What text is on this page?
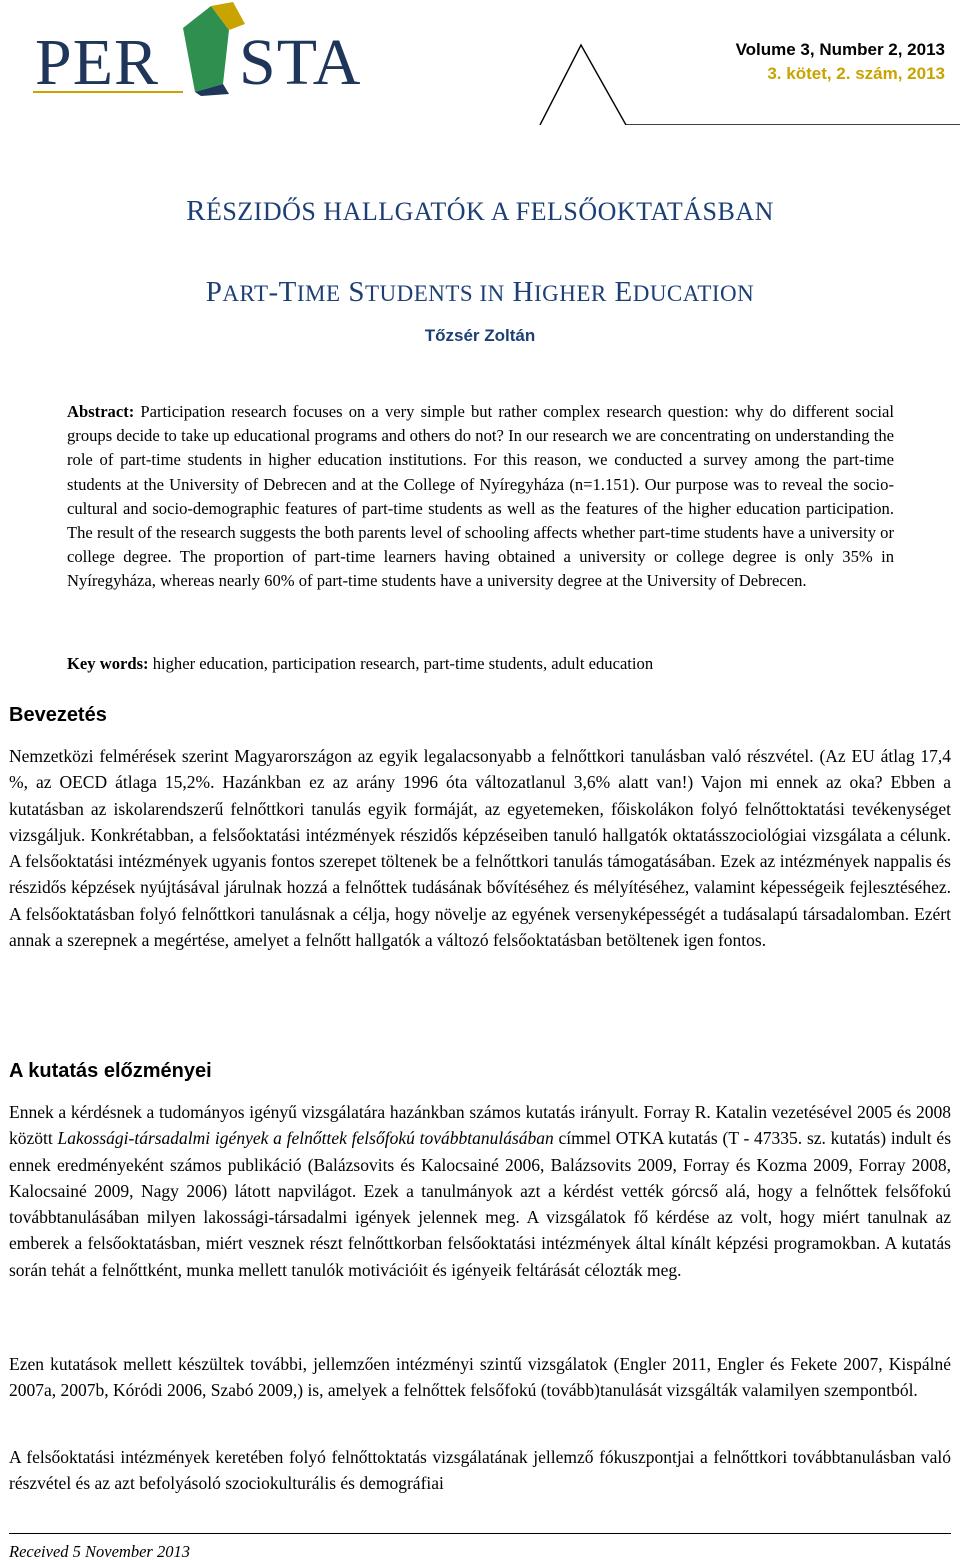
PER STA	Volume 3, Number 2, 2013
3. kötet, 2. szám, 2013
RÉSZIDŐS HALLGATÓK A FELSŐOKTATÁSBAN
PART-TIME STUDENTS IN HIGHER EDUCATION
Tőzsér Zoltán
Abstract: Participation research focuses on a very simple but rather complex research question: why do different social groups decide to take up educational programs and others do not? In our research we are concentrating on understanding the role of part-time students in higher education institutions. For this reason, we conducted a survey among the part-time students at the University of Debrecen and at the College of Nyíregyháza (n=1.151). Our purpose was to reveal the socio-cultural and socio-demographic features of part-time students as well as the features of the higher education participation. The result of the research suggests the both parents level of schooling affects whether part-time students have a university or college degree. The proportion of part-time learners having obtained a university or college degree is only 35% in Nyíregyháza, whereas nearly 60% of part-time students have a university degree at the University of Debrecen.
Key words: higher education, participation research, part-time students, adult education
Bevezetés
Nemzetközi felmérések szerint Magyarországon az egyik legalacsonyabb a felnőttkori tanulásban való részvétel. (Az EU átlag 17,4 %, az OECD átlaga 15,2%. Hazánkban ez az arány 1996 óta változatlanul 3,6% alatt van!) Vajon mi ennek az oka? Ebben a kutatásban az iskolarendszerű felnőttkori tanulás egyik formáját, az egyetemeken, főiskolákon folyó felnőttoktatási tevékenységet vizsgáljuk. Konkrétabban, a felsőoktatási intézmények részidős képzéseiben tanuló hallgatók oktatásszociológiai vizsgálata a célunk. A felsőoktatási intézmények ugyanis fontos szerepet töltenek be a felnőttkori tanulás támogatásában. Ezek az intézmények nappalis és részidős képzések nyújtásával járulnak hozzá a felnőttek tudásának bővítéséhez és mélyítéséhez, valamint képességeik fejlesztéséhez. A felsőoktatásban folyó felnőttkori tanulásnak a célja, hogy növelje az egyének versenyképességét a tudásalapú társadalomban. Ezért annak a szerepnek a megértése, amelyet a felnőtt hallgatók a változó felsőoktatásban betöltenek igen fontos.
A kutatás előzményei
Ennek a kérdésnek a tudományos igényű vizsgálatára hazánkban számos kutatás irányult. Forray R. Katalin vezetésével 2005 és 2008 között Lakossági-társadalmi igények a felnőttek felsőfokú továbbtanulásában címmel OTKA kutatás (T - 47335. sz. kutatás) indult és ennek eredményeként számos publikáció (Balázsovits és Kalocsainé 2006, Balázsovits 2009, Forray és Kozma 2009, Forray 2008, Kalocsainé 2009, Nagy 2006) látott napvilágot. Ezek a tanulmányok azt a kérdést vették górcső alá, hogy a felnőttek felsőfokú továbbtanulásában milyen lakossági-társadalmi igények jelennek meg. A vizsgálatok fő kérdése az volt, hogy miért tanulnak az emberek a felsőoktatásban, miért vesznek részt felnőttkorban felsőoktatási intézmények által kínált képzési programokban. A kutatás során tehát a felnőttként, munka mellett tanulók motivációit és igényeik feltárását célozták meg.
Ezen kutatások mellett készültek további, jellemzően intézményi szintű vizsgálatok (Engler 2011, Engler és Fekete 2007, Kispálné 2007a, 2007b, Kóródi 2006, Szabó 2009,) is, amelyek a felnőttek felsőfokú (tovább)tanulását vizsgálták valamilyen szempontból.
A felsőoktatási intézmények keretében folyó felnőttoktatás vizsgálatának jellemző fókuszpontjai a felnőttkori továbbtanulásban való részvétel és az azt befolyásoló szociokulturális és demográfiai
Received 5 November 2013
